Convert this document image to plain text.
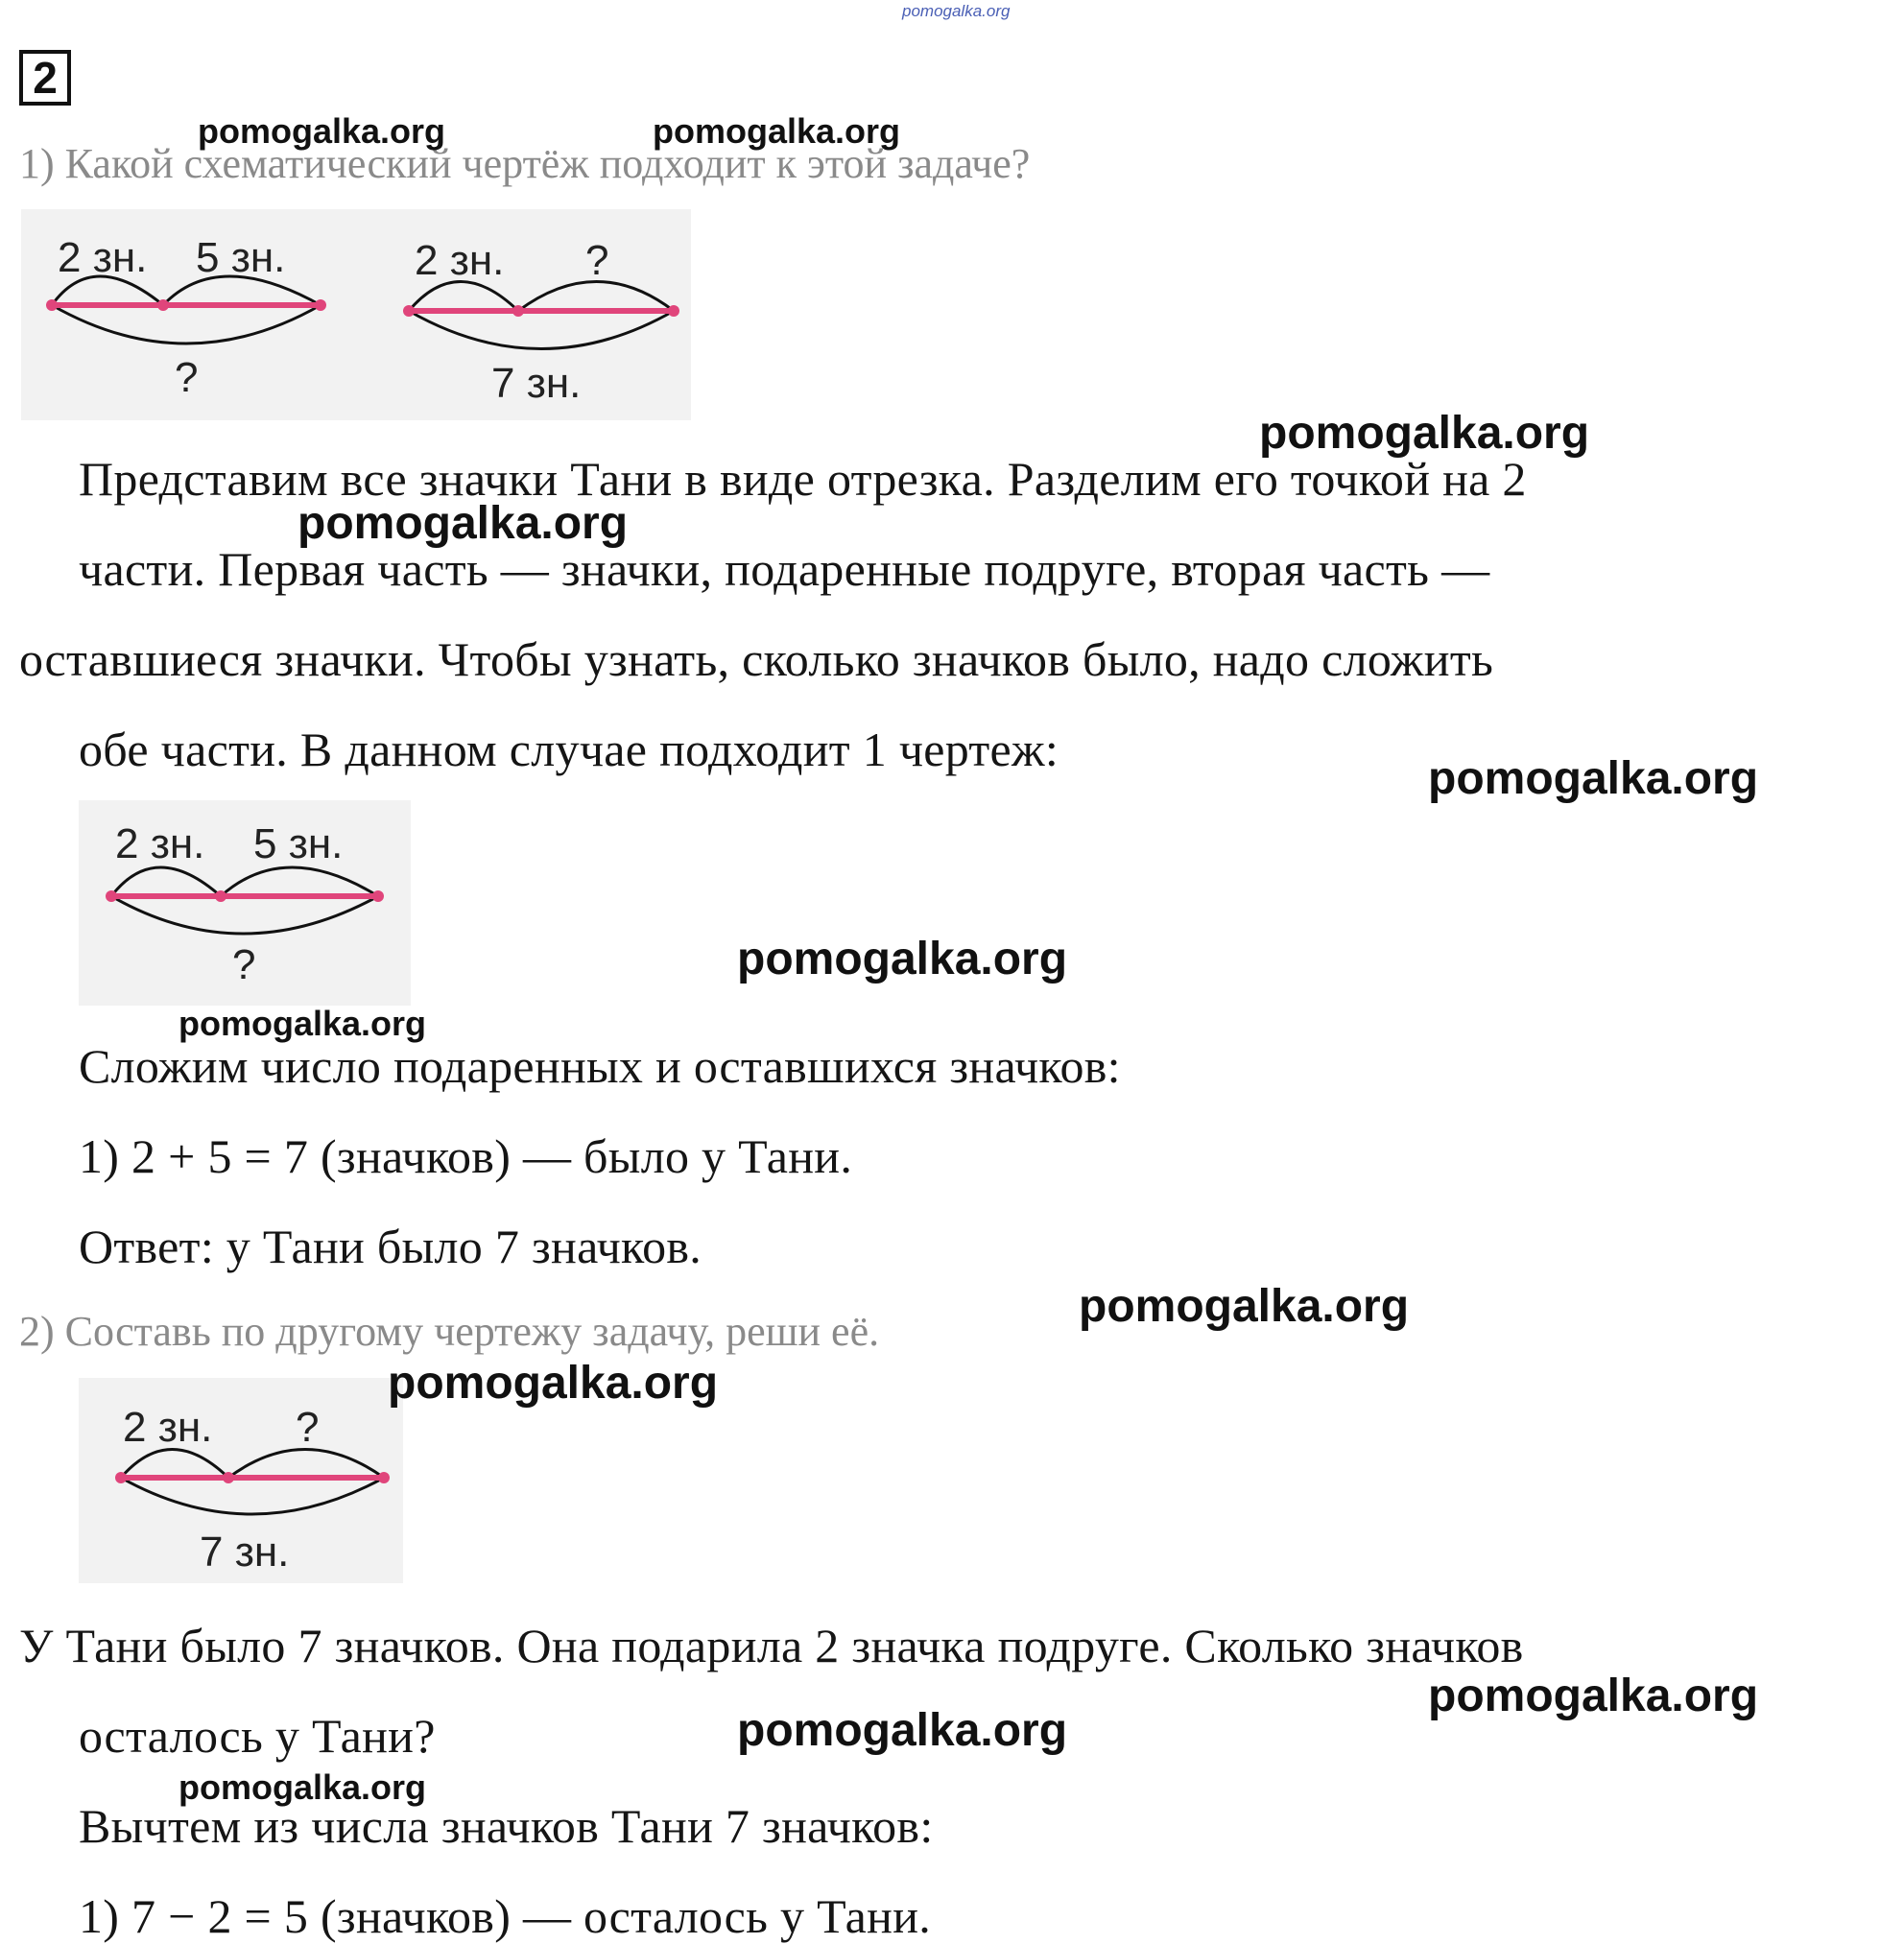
pomogalka.org
2
1) Какой схематический чертёж подходит к этой задаче?
2 зн. 5 зн.
?
2 зн. ?
7 зн.
Представим все значки Тани в виде отрезка. Разделим его точкой на 2
части. Первая часть — значки, подаренные подруге, вторая часть —
оставшиеся значки. Чтобы узнать, сколько значков было, надо сложить
обе части. В данном случае подходит 1 чертеж:
2 зн. 5 зн.
?
Сложим число подаренных и оставшихся значков:
1) 2 + 5 = 7 (значков) — было у Тани.
Ответ: у Тани было 7 значков.
2) Составь по другому чертежу задачу, реши её.
2 зн. ?
7 зн.
У Тани было 7 значков. Она подарила 2 значка подруге. Сколько значков
осталось у Тани?
Вычтем из числа значков Тани 7 значков:
1) 7 − 2 = 5 (значков) — осталось у Тани.
pomogalka.org	pomogalka.org
pomogalka.org
pomogalka.org
pomogalka.org
pomogalka.org
pomogalka.org
pomogalka.org
pomogalka.org
pomogalka.org
pomogalka.org
pomogalka.org
